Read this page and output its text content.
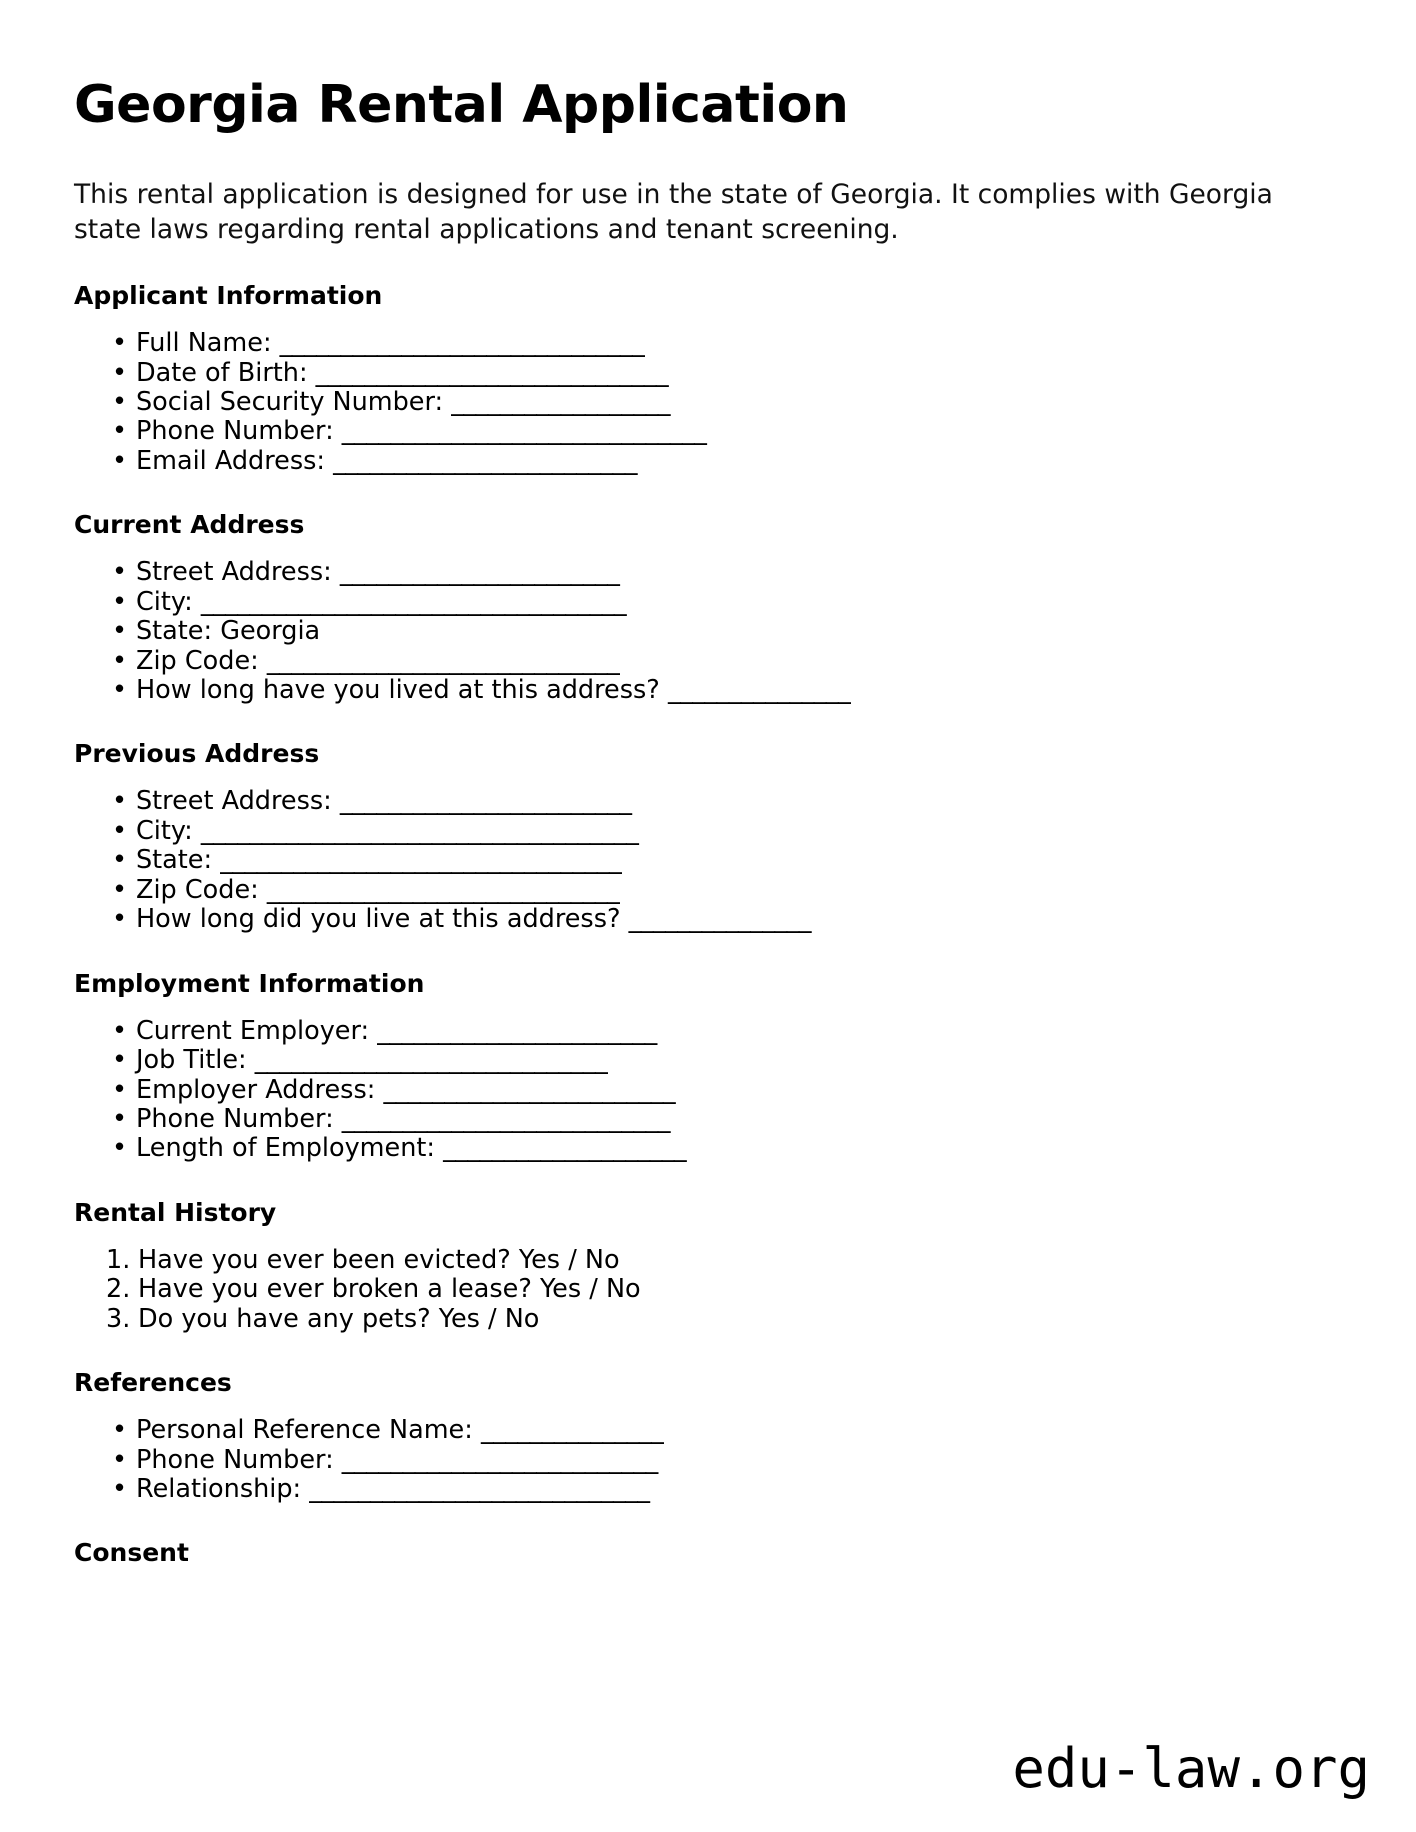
Georgia Rental Application

This rental application is designed for use in the state of Georgia. It complies with Georgia state laws regarding rental applications and tenant screening.

Applicant Information
• Full Name: ______________________________
• Date of Birth: _____________________________
• Social Security Number: __________________
• Phone Number: ______________________________
• Email Address: _________________________
Current Address
• Street Address: _______________________
• City: ___________________________________
• State: Georgia
• Zip Code: _____________________________
• How long have you lived at this address? _______________
Previous Address
• Street Address: ________________________
• City: ____________________________________
• State: _________________________________
• Zip Code: _____________________________
• How long did you live at this address? _______________
Employment Information
• Current Employer: _______________________
• Job Title: _____________________________
• Employer Address: ________________________
• Phone Number: ___________________________
• Length of Employment: ____________________
Rental History
Have you ever been evicted? Yes / No
Have you ever broken a lease? Yes / No
Do you have any pets? Yes / No
References
• Personal Reference Name: _______________
• Phone Number: __________________________
• Relationship: ____________________________
Consent
edu-law.org
